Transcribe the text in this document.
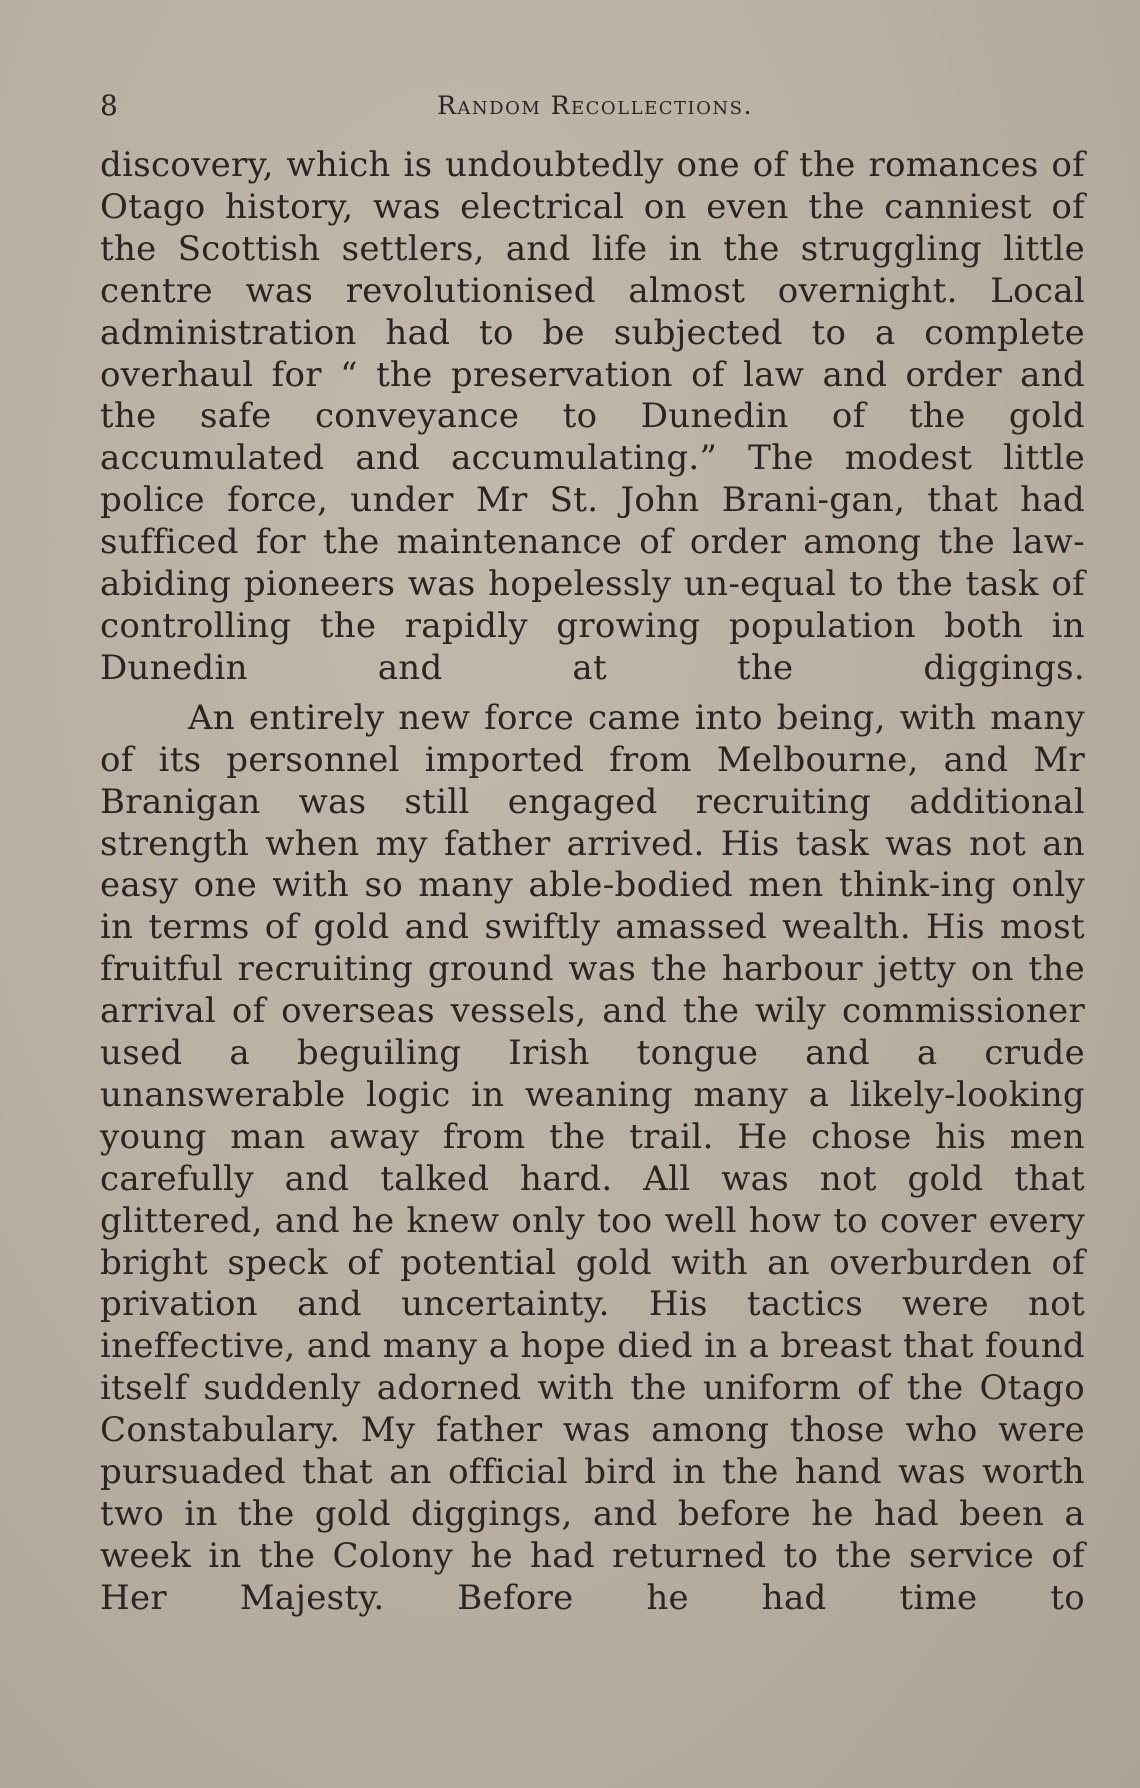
8	Random Recollections.

discovery, which is undoubtedly one of the romances of Otago history, was electrical on even the canniest of the Scottish settlers, and life in the struggling little centre was revolutionised almost overnight. Local administration had to be subjected to a complete overhaul for “ the preservation of law and order and the safe conveyance to Dunedin of the gold accumulated and accumulating.” The modest little police force, under Mr St. John Brani-gan, that had sufficed for the maintenance of order among the law-abiding pioneers was hopelessly un-equal to the task of controlling the rapidly growing population both in Dunedin and at the diggings.

An entirely new force came into being, with many of its personnel imported from Melbourne, and Mr Branigan was still engaged recruiting additional strength when my father arrived. His task was not an easy one with so many able-bodied men think-ing only in terms of gold and swiftly amassed wealth. His most fruitful recruiting ground was the harbour jetty on the arrival of overseas vessels, and the wily commissioner used a beguiling Irish tongue and a crude unanswerable logic in weaning many a likely-looking young man away from the trail. He chose his men carefully and talked hard. All was not gold that glittered, and he knew only too well how to cover every bright speck of potential gold with an overburden of privation and uncertainty. His tactics were not ineffective, and many a hope died in a breast that found itself suddenly adorned with the uniform of the Otago Constabulary. My father was among those who were pursuaded that an official bird in the hand was worth two in the gold diggings, and before he had been a week in the Colony he had returned to the service of Her Majesty. Before he had time to
